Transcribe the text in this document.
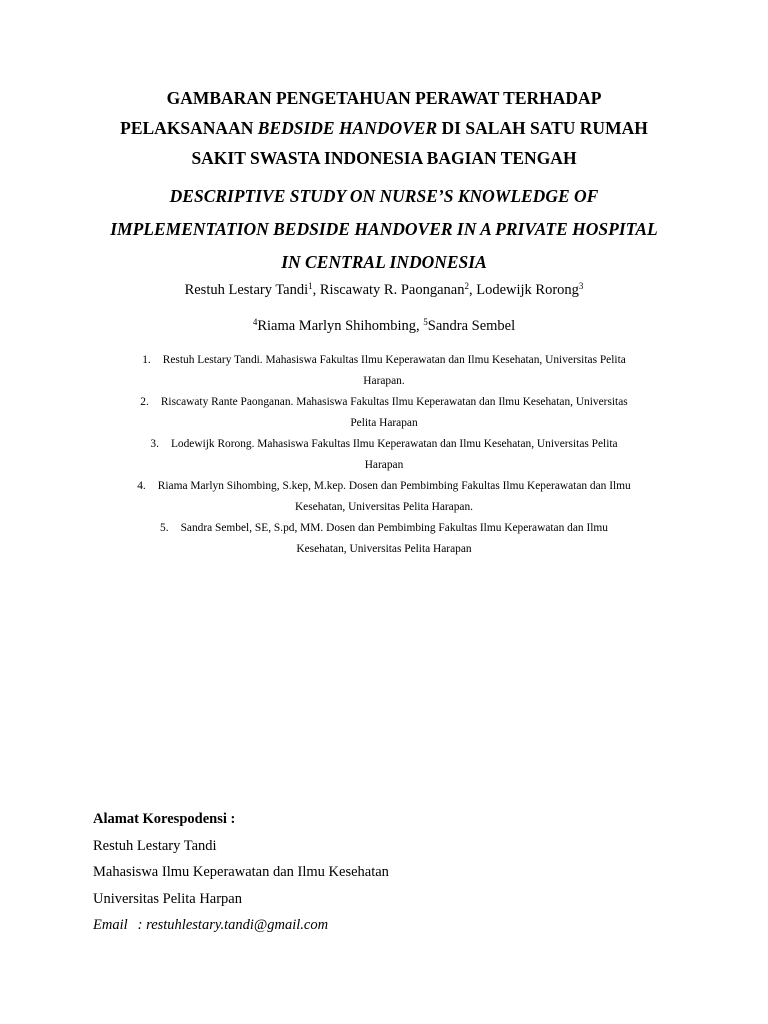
GAMBARAN PENGETAHUAN PERAWAT TERHADAP
PELAKSANAAN BEDSIDE HANDOVER DI SALAH SATU RUMAH
SAKIT SWASTA INDONESIA BAGIAN TENGAH
DESCRIPTIVE STUDY ON NURSE’S KNOWLEDGE OF
IMPLEMENTATION BEDSIDE HANDOVER IN A PRIVATE HOSPITAL
IN CENTRAL INDONESIA
Restuh Lestary Tandi$^1$, Riscawaty R. Paonganan$^2$, Lodewijk Rorong$^3$
$^4$Riama Marlyn Shihombing, $^5$Sandra Sembel
1. Restuh Lestary Tandi. Mahasiswa Fakultas Ilmu Keperawatan dan Ilmu Kesehatan, Universitas Pelita
Harapan.
2. Riscawaty Rante Paonganan. Mahasiswa Fakultas Ilmu Keperawatan dan Ilmu Kesehatan, Universitas
Pelita Harapan
3. Lodewijk Rorong. Mahasiswa Fakultas Ilmu Keperawatan dan Ilmu Kesehatan, Universitas Pelita
Harapan
4. Riama Marlyn Sihombing, S.kep, M.kep. Dosen dan Pembimbing Fakultas Ilmu Keperawatan dan Ilmu
Kesehatan, Universitas Pelita Harapan.
5. Sandra Sembel, SE, S.pd, MM. Dosen dan Pembimbing Fakultas Ilmu Keperawatan dan Ilmu
Kesehatan, Universitas Pelita Harapan
Alamat Korespodensi :
Restuh Lestary Tandi
Mahasiswa Ilmu Keperawatan dan Ilmu Kesehatan
Universitas Pelita Harpan
Email : restuhlestary.tandi@gmail.com
